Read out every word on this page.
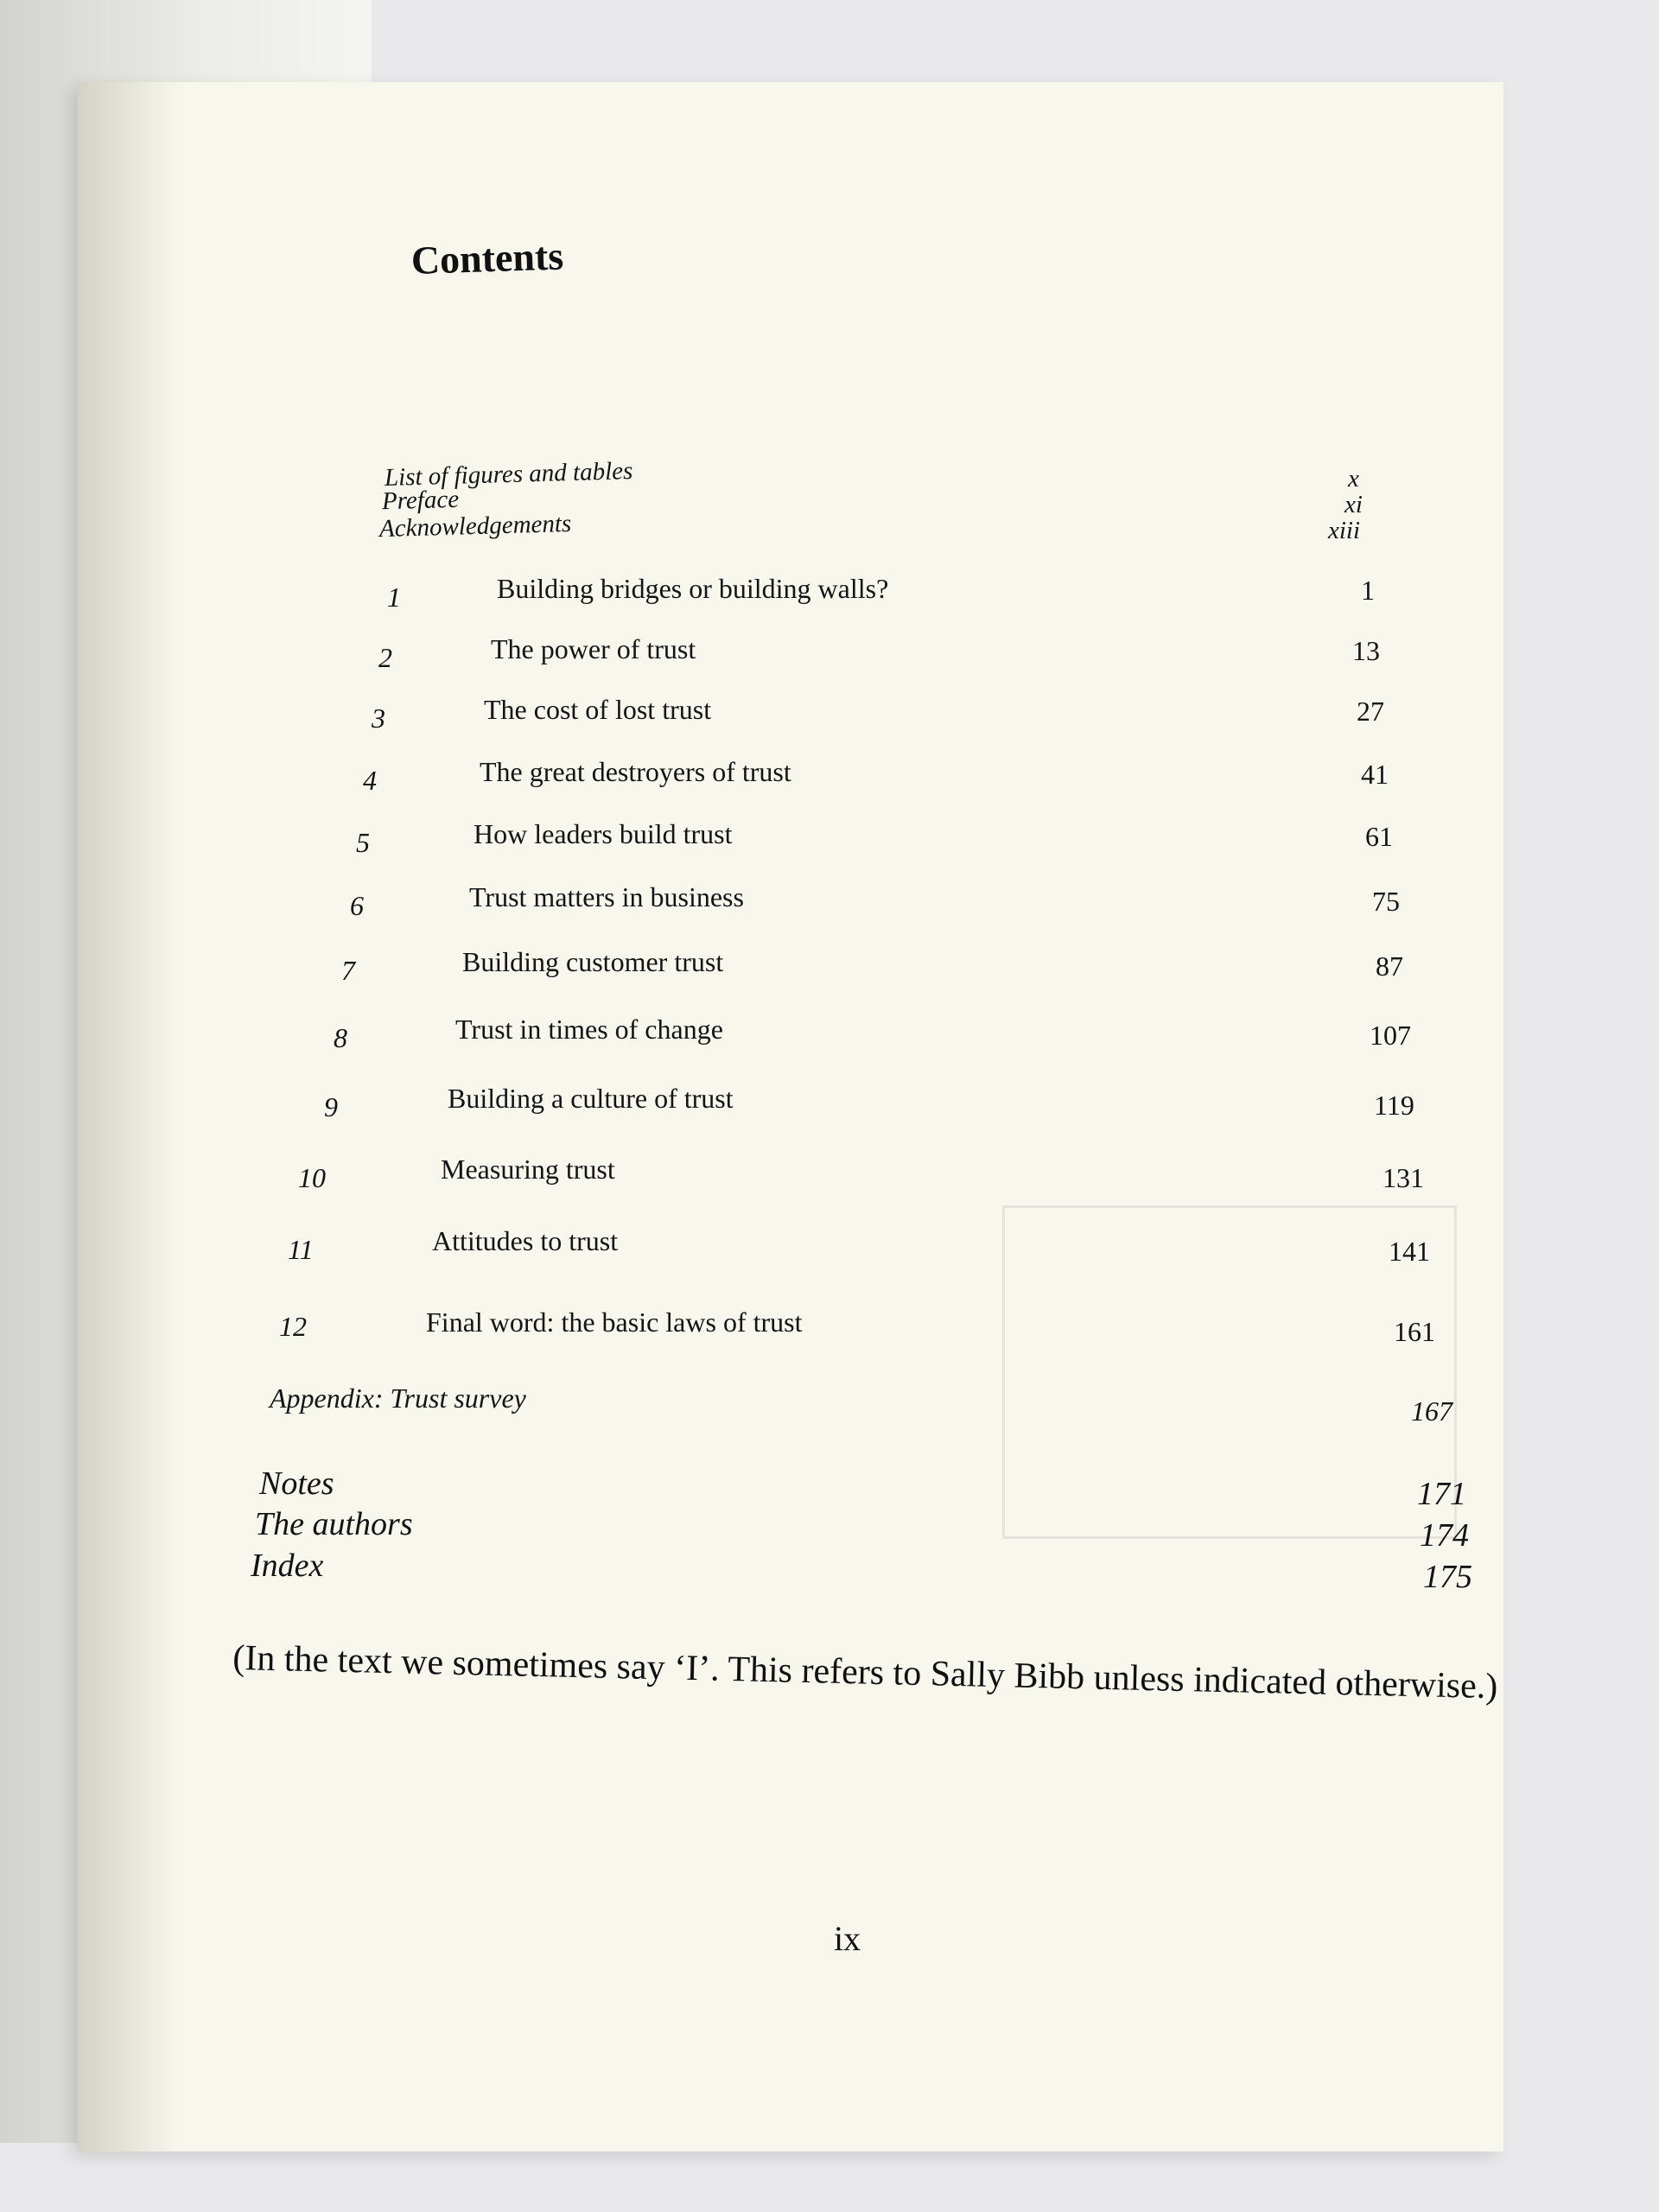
Contents
List of figures and tables	x
Preface	xi
Acknowledgements	xiii
1	Building bridges or building walls?	1
2	The power of trust	13
3	The cost of lost trust	27
4	The great destroyers of trust	41
5	How leaders build trust	61
6	Trust matters in business	75
7	Building customer trust	87
8	Trust in times of change	107
9	Building a culture of trust	119
10	Measuring trust	131
11	Attitudes to trust	141
12	Final word: the basic laws of trust	161
Appendix: Trust survey	167
Notes	171
The authors	174
Index	175
(In the text we sometimes say ‘I’. This refers to Sally Bibb unless indicated otherwise.)
ix
